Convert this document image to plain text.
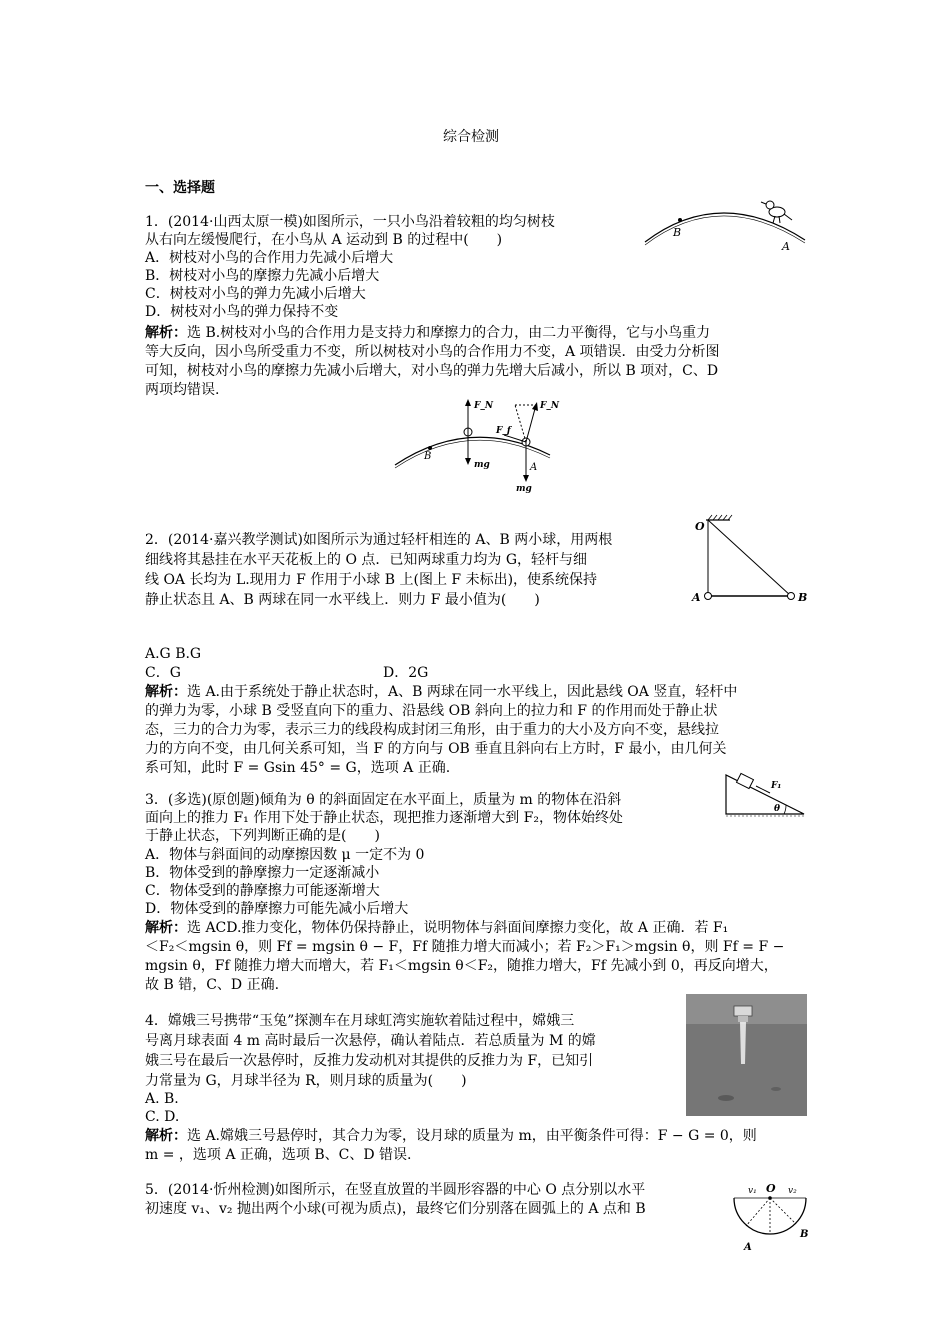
综合检测
一、选择题
1．(2014·山西太原一模)如图所示，一只小鸟沿着较粗的均匀树枝
从右向左缓慢爬行，在小鸟从 A 运动到 B 的过程中(　　)
A．树枝对小鸟的合作用力先减小后增大
B．树枝对小鸟的摩擦力先减小后增大
C．树枝对小鸟的弹力先减小后增大
D．树枝对小鸟的弹力保持不变
解析：选 B.树枝对小鸟的合作用力是支持力和摩擦力的合力，由二力平衡得，它与小鸟重力
等大反向，因小鸟所受重力不变，所以树枝对小鸟的合作用力不变，A 项错误．由受力分析图
可知，树枝对小鸟的摩擦力先减小后增大，对小鸟的弹力先增大后减小，所以 B 项对，C、D
两项均错误.
B
A
B
F_N
mg
F_N
F_f
A
mg
2．(2014·嘉兴教学测试)如图所示为通过轻杆相连的 A、B 两小球，用两根
细线将其悬挂在水平天花板上的 O 点．已知两球重力均为 G，轻杆与细
线 OA 长均为 L.现用力 F 作用于小球 B 上(图上 F 未标出)，使系统保持
静止状态且 A、B 两球在同一水平线上．则力 F 最小值为(　　)
A.G B.G
C．G	D．2G
解析：选 A.由于系统处于静止状态时，A、B 两球在同一水平线上，因此悬线 OA 竖直，轻杆中
的弹力为零，小球 B 受竖直向下的重力、沿悬线 OB 斜向上的拉力和 F 的作用而处于静止状
态，三力的合力为零，表示三力的线段构成封闭三角形，由于重力的大小及方向不变，悬线拉
力的方向不变，由几何关系可知，当 F 的方向与 OB 垂直且斜向右上方时，F 最小，由几何关
系可知，此时 F = Gsin 45° = G，选项 A 正确.
O
A	B
3．(多选)(原创题)倾角为 θ 的斜面固定在水平面上，质量为 m 的物体在沿斜
面向上的推力 F₁ 作用下处于静止状态，现把推力逐渐增大到 F₂，物体始终处
于静止状态，下列判断正确的是(　　)
A．物体与斜面间的动摩擦因数 μ 一定不为 0
B．物体受到的静摩擦力一定逐渐减小
C．物体受到的静摩擦力可能逐渐增大
D．物体受到的静摩擦力可能先减小后增大
解析：选 ACD.推力变化，物体仍保持静止，说明物体与斜面间摩擦力变化，故 A 正确．若 F₁
＜F₂＜mgsin θ，则 Ff = mgsin θ − F，Ff 随推力增大而减小；若 F₂＞F₁＞mgsin θ，则 Ff = F −
mgsin θ，Ff 随推力增大而增大，若 F₁＜mgsin θ＜F₂，随推力增大，Ff 先减小到 0，再反向增大，
故 B 错，C、D 正确.
F₁
θ
4．嫦娥三号携带“玉兔”探测车在月球虹湾实施软着陆过程中，嫦娥三
号离月球表面 4 m 高时最后一次悬停，确认着陆点．若总质量为 M 的嫦
娥三号在最后一次悬停时，反推力发动机对其提供的反推力为 F，已知引
力常量为 G，月球半径为 R，则月球的质量为(　　)
A. B.
C. D.
解析：选 A.嫦娥三号悬停时，其合力为零，设月球的质量为 m，由平衡条件可得：F − G = 0，则
m = ，选项 A 正确，选项 B、C、D 错误.
5．(2014·忻州检测)如图所示，在竖直放置的半圆形容器的中心 O 点分别以水平
初速度 v₁、v₂ 抛出两个小球(可视为质点)，最终它们分别落在圆弧上的 A 点和 B
v₁ O v₂
A
B
